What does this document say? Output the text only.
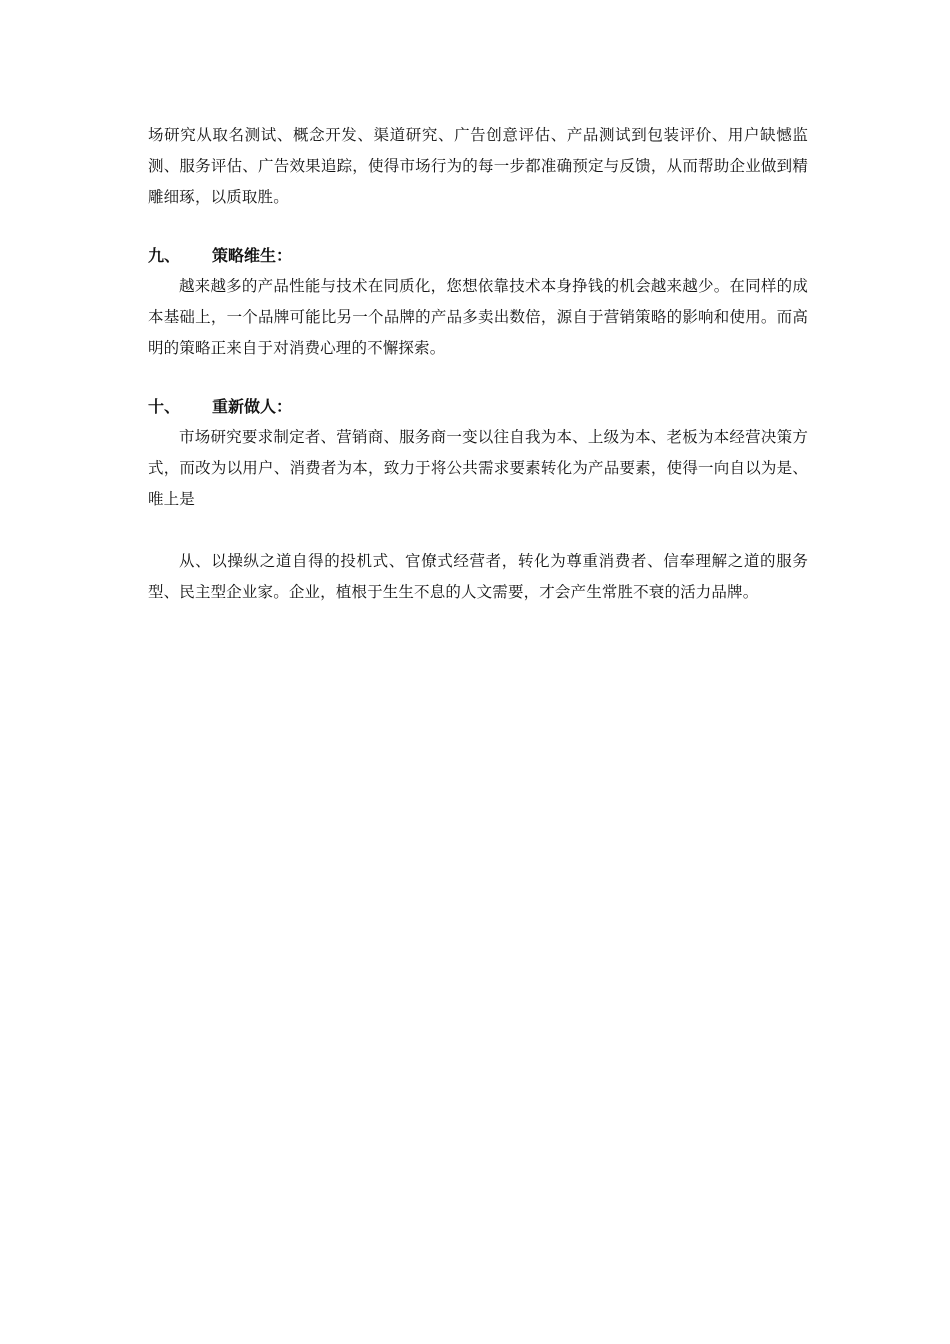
场研究从取名测试、概念开发、渠道研究、广告创意评估、产品测试到包装评价、用户缺憾监测、服务评估、广告效果追踪，使得市场行为的每一步都准确预定与反馈，从而帮助企业做到精雕细琢，以质取胜。

九、	策略维生：

越来越多的产品性能与技术在同质化，您想依靠技术本身挣钱的机会越来越少。在同样的成本基础上，一个品牌可能比另一个品牌的产品多卖出数倍，源自于营销策略的影响和使用。而高明的策略正来自于对消费心理的不懈探索。

十、	重新做人：

市场研究要求制定者、营销商、服务商一变以往自我为本、上级为本、老板为本经营决策方式，而改为以用户、消费者为本，致力于将公共需求要素转化为产品要素，使得一向自以为是、唯上是

从、以操纵之道自得的投机式、官僚式经营者，转化为尊重消费者、信奉理解之道的服务型、民主型企业家。企业，植根于生生不息的人文需要，才会产生常胜不衰的活力品牌。
